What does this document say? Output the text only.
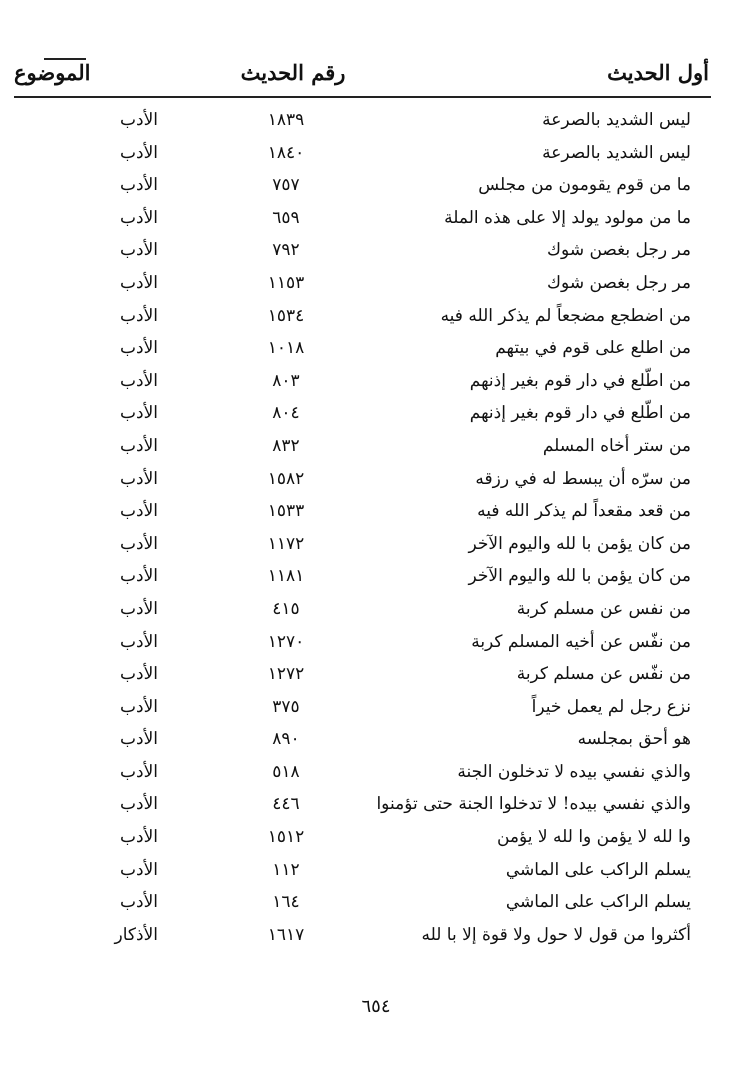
أول الحديث
رقم الحديث
الموضوع
ليس الشديد بالصرعة
١٨٣٩
الأدب
ليس الشديد بالصرعة
١٨٤٠
الأدب
ما من قوم يقومون من مجلس
٧٥٧
الأدب
ما من مولود يولد إلا على هذه الملة
٦٥٩
الأدب
مر رجل بغصن شوك
٧٩٢
الأدب
مر رجل بغصن شوك
١١٥٣
الأدب
من اضطجع مضجعاً لم يذكر الله فيه
١٥٣٤
الأدب
من اطلع على قوم في بيتهم
١٠١٨
الأدب
من اطّلع في دار قوم بغير إذنهم
٨٠٣
الأدب
من اطّلع في دار قوم بغير إذنهم
٨٠٤
الأدب
من ستر أخاه المسلم
٨٣٢
الأدب
من سرّه أن يبسط له في رزقه
١٥٨٢
الأدب
من قعد مقعداً لم يذكر الله فيه
١٥٣٣
الأدب
من كان يؤمن با لله واليوم الآخر
١١٧٢
الأدب
من كان يؤمن با لله واليوم الآخر
١١٨١
الأدب
من نفس عن مسلم كربة
٤١٥
الأدب
من نفّس عن أخيه المسلم كربة
١٢٧٠
الأدب
من نفّس عن مسلم كربة
١٢٧٢
الأدب
نزع رجل لم يعمل خيراً
٣٧٥
الأدب
هو أحق بمجلسه
٨٩٠
الأدب
والذي نفسي بيده لا تدخلون الجنة
٥١٨
الأدب
والذي نفسي بيده! لا تدخلوا الجنة حتى تؤمنوا
٤٤٦
الأدب
وا لله لا يؤمن وا لله لا يؤمن
١٥١٢
الأدب
يسلم الراكب على الماشي
١١٢
الأدب
يسلم الراكب على الماشي
١٦٤
الأدب
أكثروا من قول لا حول ولا قوة إلا با لله
١٦١٧
الأذكار
٦٥٤
